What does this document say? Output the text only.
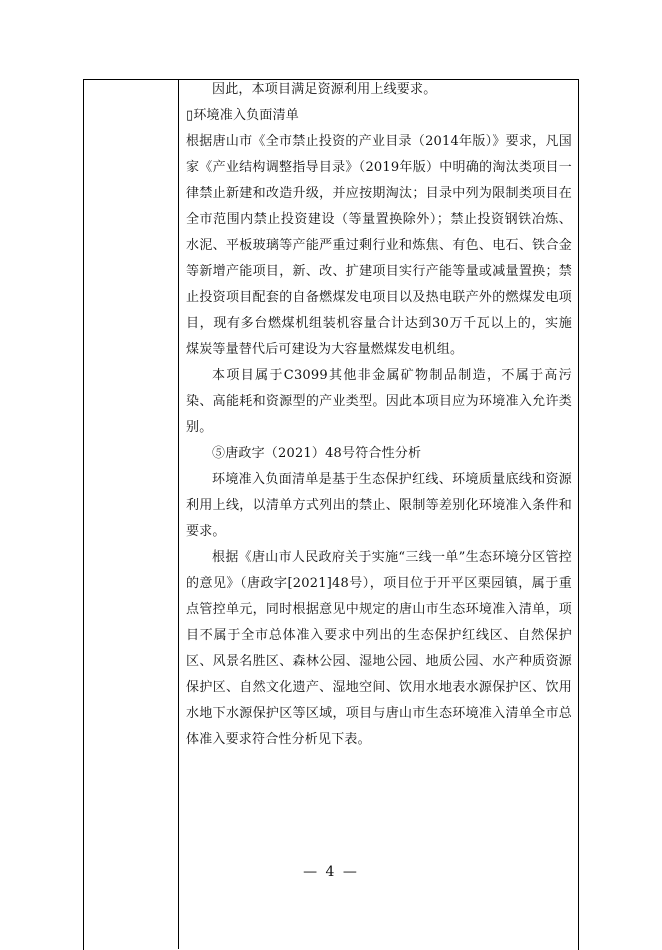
因此，本项目满足资源利用上线要求。

▯环境准入负面清单

根据唐山市《全市禁止投资的产业目录（2014年版）》要求，凡国家《产业结构调整指导目录》（2019年版）中明确的淘汰类项目一律禁止新建和改造升级，并应按期淘汰；目录中列为限制类项目在全市范围内禁止投资建设（等量置换除外）；禁止投资钢铁冶炼、水泥、平板玻璃等产能严重过剩行业和炼焦、有色、电石、铁合金等新增产能项目，新、改、扩建项目实行产能等量或减量置换；禁止投资项目配套的自备燃煤发电项目以及热电联产外的燃煤发电项目，现有多台燃煤机组装机容量合计达到30万千瓦以上的，实施煤炭等量替代后可建设为大容量燃煤发电机组。

本项目属于C3099其他非金属矿物制品制造，不属于高污染、高能耗和资源型的产业类型。因此本项目应为环境准入允许类别。

⑤唐政字（2021）48号符合性分析

环境准入负面清单是基于生态保护红线、环境质量底线和资源利用上线，以清单方式列出的禁止、限制等差别化环境准入条件和要求。

根据《唐山市人民政府关于实施“三线一单”生态环境分区管控的意见》（唐政字[2021]48号），项目位于开平区栗园镇，属于重点管控单元，同时根据意见中规定的唐山市生态环境准入清单，项目不属于全市总体准入要求中列出的生态保护红线区、自然保护区、风景名胜区、森林公园、湿地公园、地质公园、水产种质资源保护区、自然文化遗产、湿地空间、饮用水地表水源保护区、饮用水地下水源保护区等区域，项目与唐山市生态环境准入清单全市总体准入要求符合性分析见下表。

— 4 —
